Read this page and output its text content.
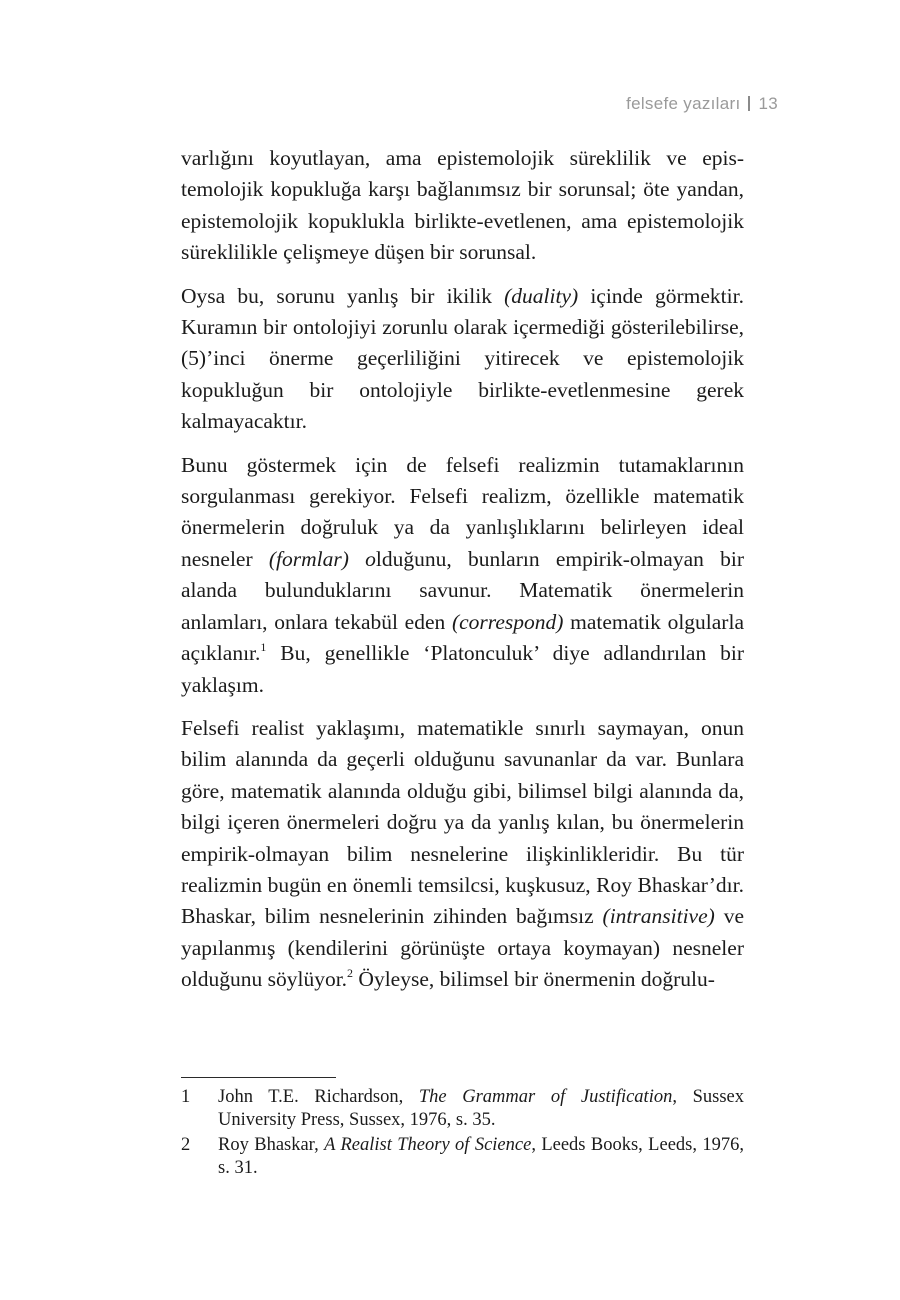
felsefe yazıları 13

varlığını koyutlayan, ama epistemolojik süreklilik ve epistemolojik kopukluğa karşı bağlanımsız bir sorunsal; öte yandan, epistemolojik kopuklukla birlikte-evetlenen, ama epistemolojik süreklilikle çelişmeye düşen bir sorunsal.

Oysa bu, sorunu yanlış bir ikilik (duality) içinde görmektir. Kuramın bir ontolojiyi zorunlu olarak içermediği gösterilebilirse, (5)’inci önerme geçerliliğini yitirecek ve epistemolojik kopukluğun bir ontolojiyle birlikte-evetlenmesine gerek kalmayacaktır.

Bunu göstermek için de felsefi realizmin tutamaklarının sorgulanması gerekiyor. Felsefi realizm, özellikle matematik önermelerin doğruluk ya da yanlışlıklarını belirleyen ideal nesneler (formlar) olduğunu, bunların empirik-olmayan bir alanda bulunduklarını savunur. Matematik önermelerin anlamları, onlara tekabül eden (correspond) matematik olgularla açıklanır.$^1$ Bu, genellikle ‘Platonculuk’ diye adlandırılan bir yaklaşım.

Felsefi realist yaklaşımı, matematikle sınırlı saymayan, onun bilim alanında da geçerli olduğunu savunanlar da var. Bunlara göre, matematik alanında olduğu gibi, bilimsel bilgi alanında da, bilgi içeren önermeleri doğru ya da yanlış kılan, bu önermelerin empirik-olmayan bilim nesnelerine ilişkinlikleridir. Bu tür realizmin bugün en önemli temsilcsi, kuşkusuz, Roy Bhaskar’dır. Bhaskar, bilim nesnelerinin zihinden bağımsız (intransitive) ve yapılanmış (kendilerini görünüşte ortaya koymayan) nesneler olduğunu söylüyor.$^2$ Öyleyse, bilimsel bir önermenin doğrulu-

1	John T.E. Richardson, The Grammar of Justification, Sussex University Press, Sussex, 1976, s. 35.
2	Roy Bhaskar, A Realist Theory of Science, Leeds Books, Leeds, 1976, s. 31.
